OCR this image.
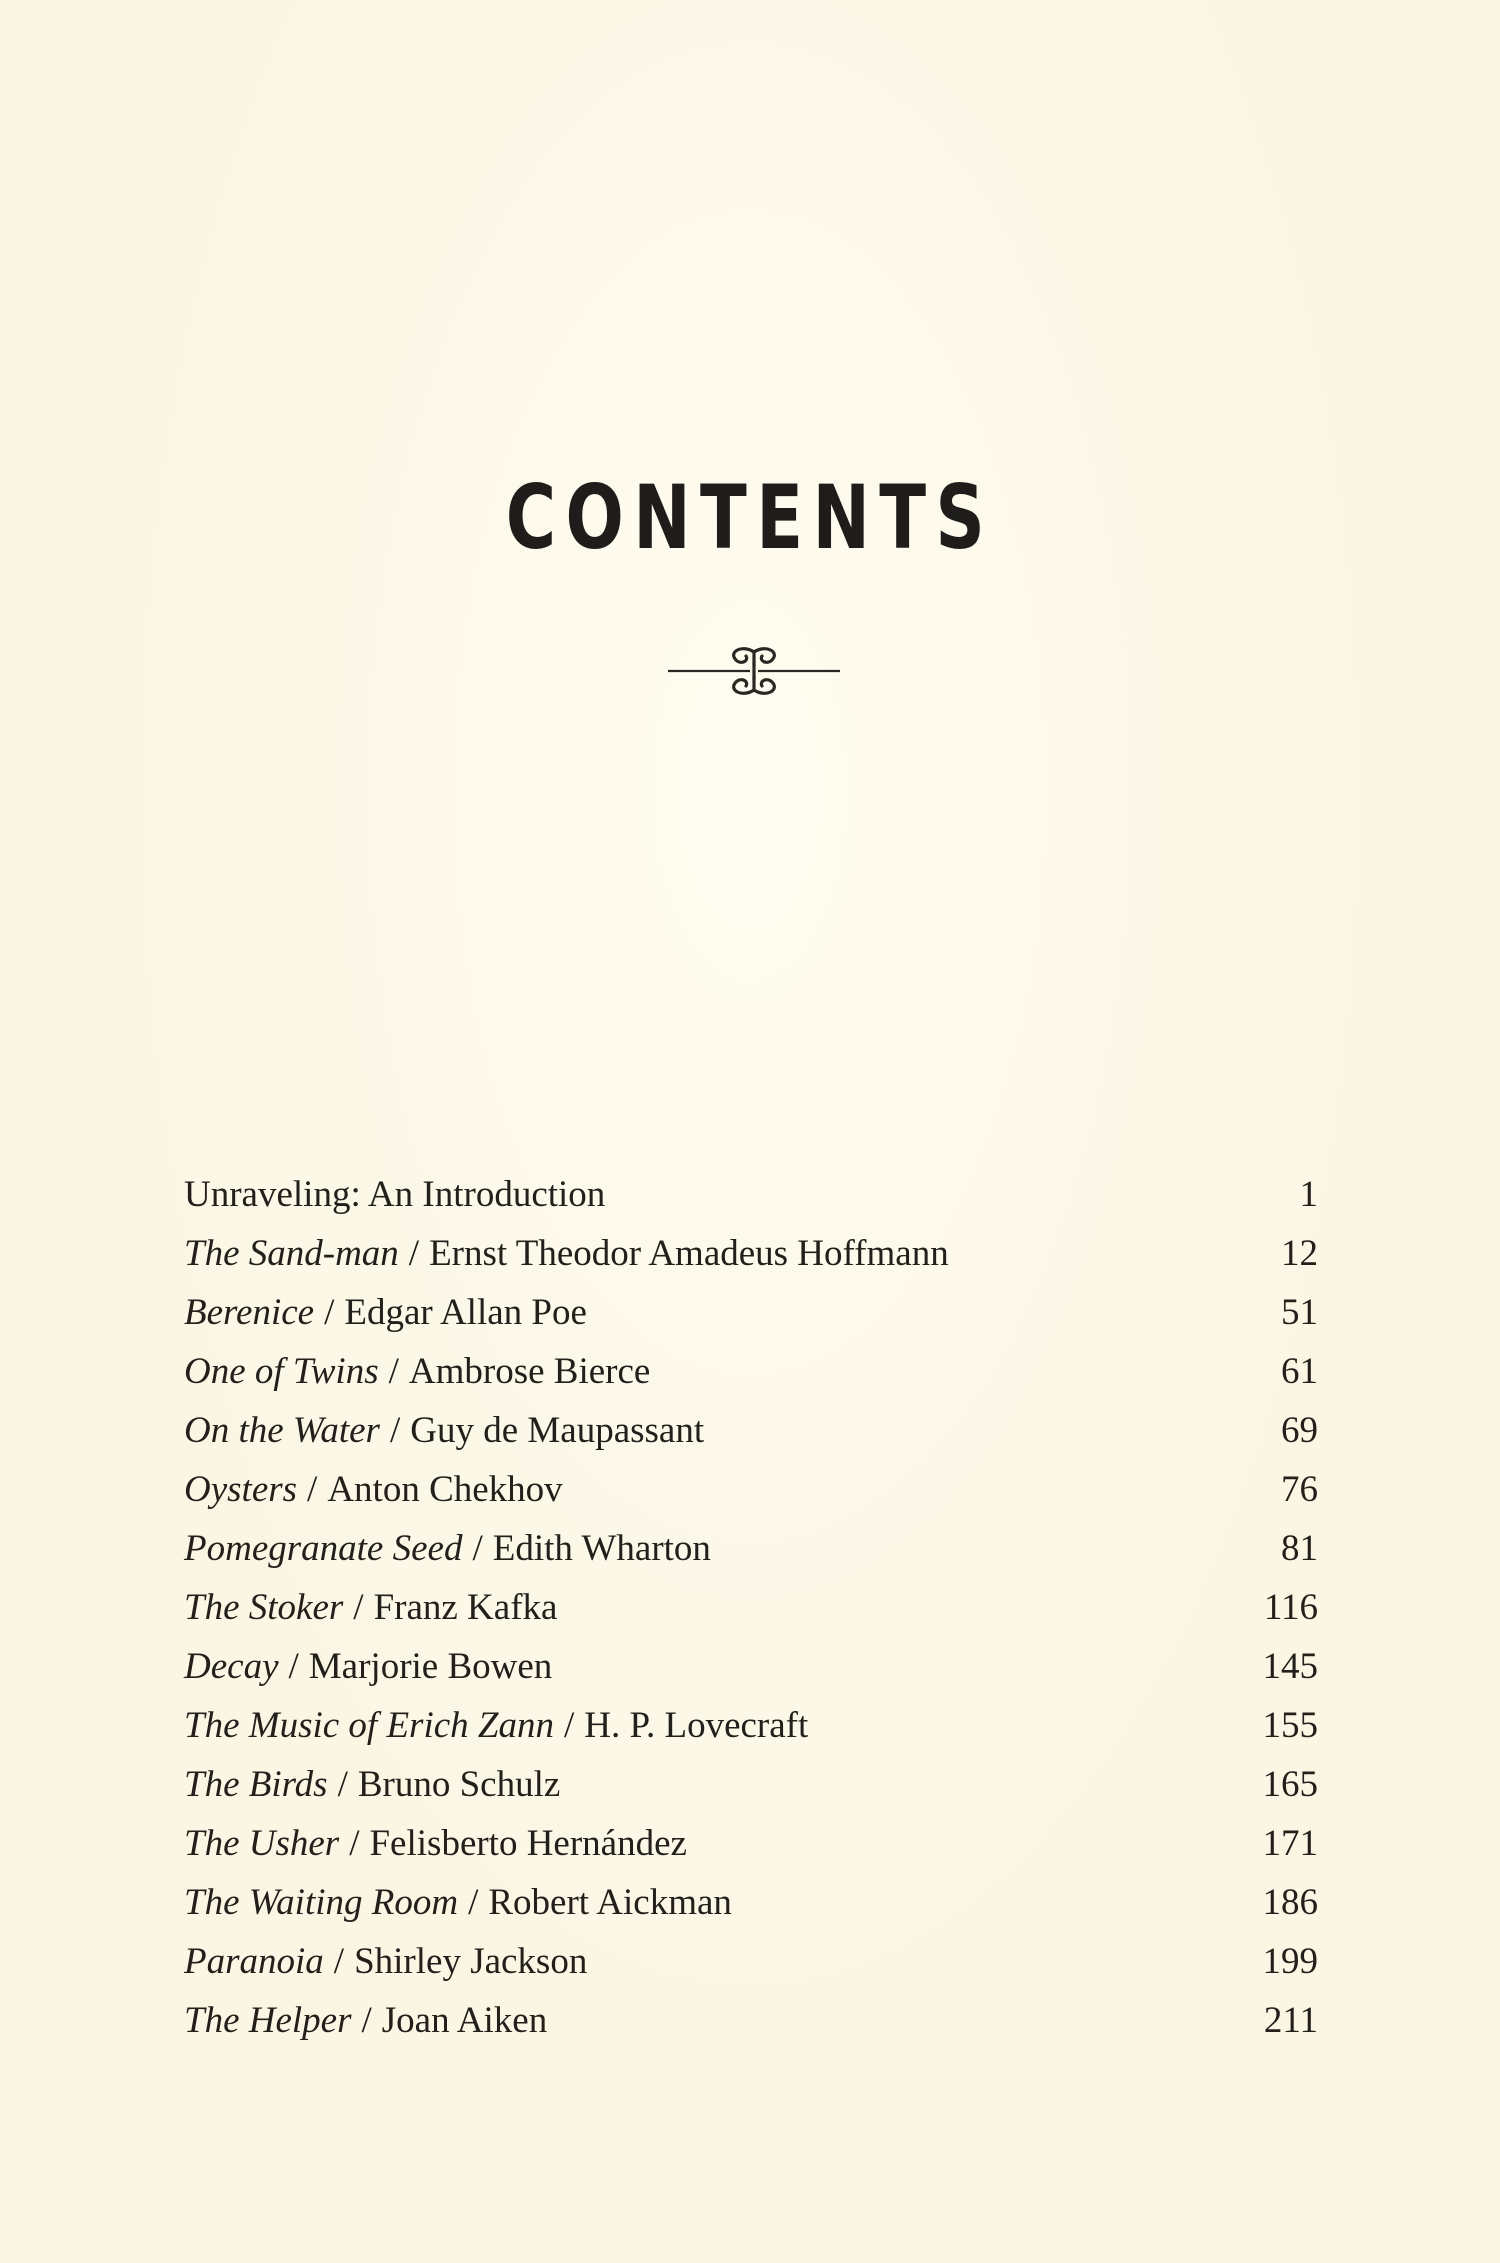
CONTENTS
Unraveling: An Introduction	1
The Sand-man / Ernst Theodor Amadeus Hoffmann	12
Berenice / Edgar Allan Poe	51
One of Twins / Ambrose Bierce	61
On the Water / Guy de Maupassant	69
Oysters / Anton Chekhov	76
Pomegranate Seed / Edith Wharton	81
The Stoker / Franz Kafka	116
Decay / Marjorie Bowen	145
The Music of Erich Zann / H. P. Lovecraft	155
The Birds / Bruno Schulz	165
The Usher / Felisberto Hernández	171
The Waiting Room / Robert Aickman	186
Paranoia / Shirley Jackson	199
The Helper / Joan Aiken	211
